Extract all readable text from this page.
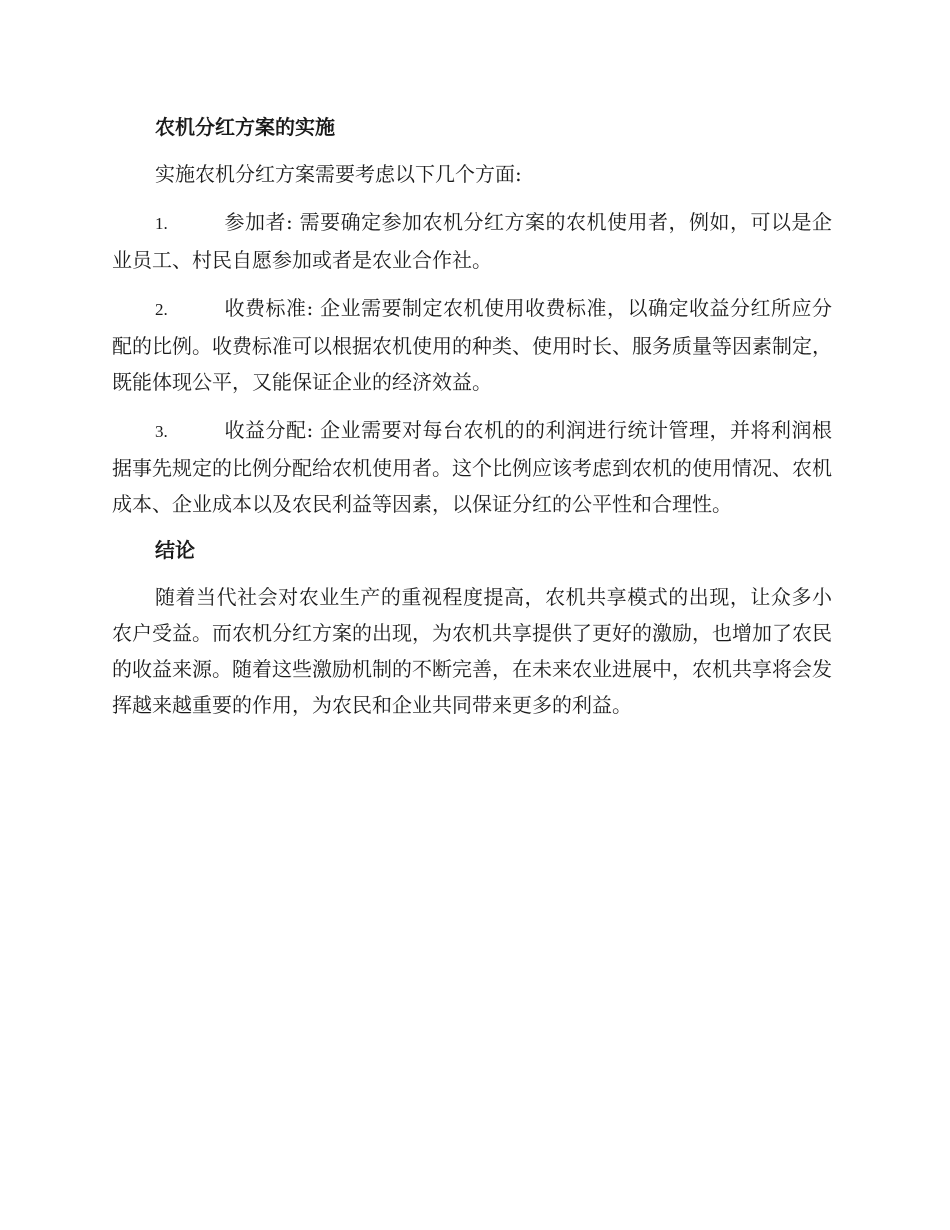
农机分红方案的实施

实施农机分红方案需要考虑以下几个方面:

1.	参加者: 需要确定参加农机分红方案的农机使用者，例如，可以是企业员工、村民自愿参加或者是农业合作社。

2.	收费标准: 企业需要制定农机使用收费标准，以确定收益分红所应分配的比例。收费标准可以根据农机使用的种类、使用时长、服务质量等因素制定，既能体现公平，又能保证企业的经济效益。

3.	收益分配: 企业需要对每台农机的的利润进行统计管理，并将利润根据事先规定的比例分配给农机使用者。这个比例应该考虑到农机的使用情况、农机成本、企业成本以及农民利益等因素，以保证分红的公平性和合理性。

结论

随着当代社会对农业生产的重视程度提高，农机共享模式的出现，让众多小农户受益。而农机分红方案的出现，为农机共享提供了更好的激励，也增加了农民的收益来源。随着这些激励机制的不断完善，在未来农业进展中，农机共享将会发挥越来越重要的作用，为农民和企业共同带来更多的利益。
